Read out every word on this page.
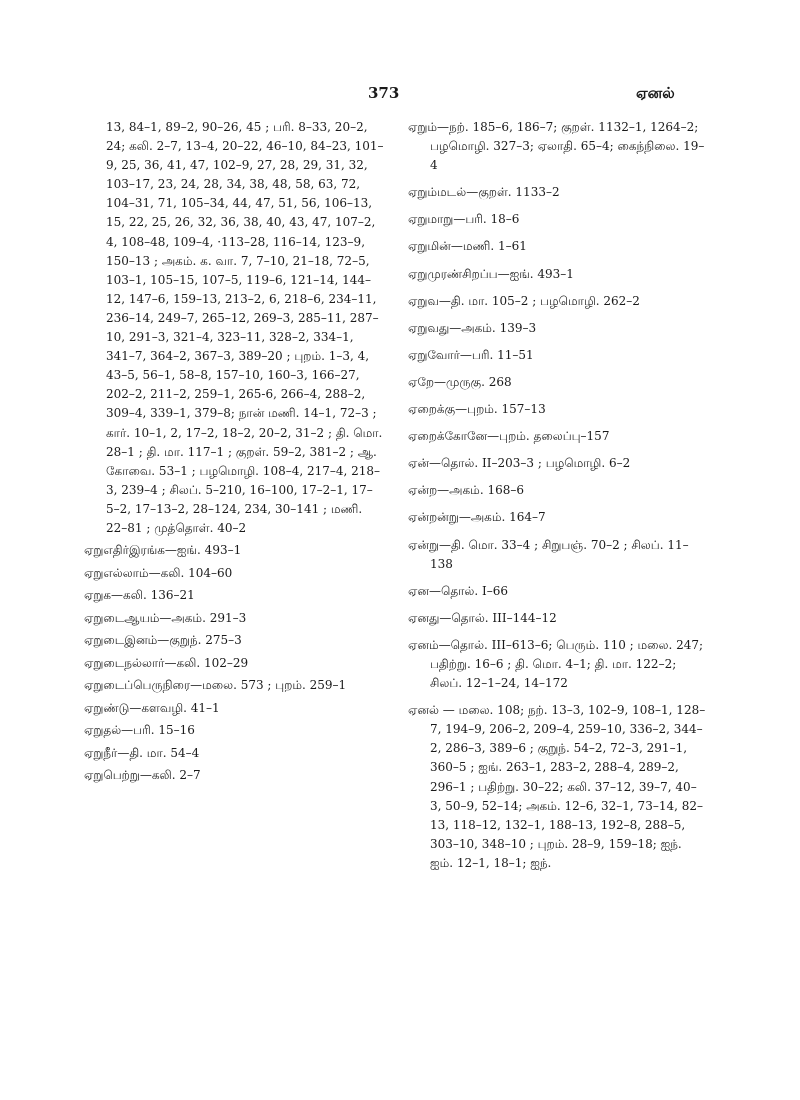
373	ஏனல்

13, 84–1, 89–2, 90–26, 45 ; பரி. 8–33, 20–2, 24; கலி. 2–7, 13–4, 20–22, 46–10, 84–23, 101–9, 25, 36, 41, 47, 102–9, 27, 28, 29, 31, 32, 103–17, 23, 24, 28, 34, 38, 48, 58, 63, 72, 104–31, 71, 105–34, 44, 47, 51, 56, 106–13, 15, 22, 25, 26, 32, 36, 38, 40, 43, 47, 107–2, 4, 108–48, 109–4, ·113–28, 116–14, 123–9, 150–13 ; அகம். க. வா. 7, 7–10, 21–18, 72–5, 103–1, 105–15, 107–5, 119–6, 121–14, 144–12, 147–6, 159–13, 213–2, 6, 218–6, 234–11, 236–14, 249–7, 265–12, 269–3, 285–11, 287–10, 291–3, 321–4, 323–11, 328–2, 334–1, 341–7, 364–2, 367–3, 389–20 ; புறம். 1–3, 4, 43–5, 56–1, 58–8, 157–10, 160–3, 166–27, 202–2, 211–2, 259–1, 265-6, 266–4, 288–2, 309–4, 339–1, 379–8; நான் மணி. 14–1, 72–3 ; கார். 10–1, 2, 17–2, 18–2, 20–2, 31–2 ; தி. மொ. 28–1 ; தி. மா. 117–1 ; குறள். 59–2, 381–2 ; ஆ. கோவை. 53–1 ; பழமொழி. 108–4, 217–4, 218–3, 239–4 ; சிலப். 5–210, 16–100, 17–2–1, 17–5–2, 17–13–2, 28–124, 234, 30–141 ; மணி. 22–81 ; முத்தொள். 40–2

ஏறுஎதிர்இரங்க—ஐங். 493–1

ஏறுஎல்லாம்—கலி. 104–60

ஏறுக—கலி. 136–21

ஏறுடைஆயம்—அகம். 291–3

ஏறுடைஇனம்—குறுந். 275–3

ஏறுடைநல்லார்—கலி. 102–29

ஏறுடைப்பெருநிரை—மலை. 573 ; புறம். 259–1

ஏறுண்டு—களவழி. 41–1

ஏறுதல்—பரி. 15–16

ஏறுநீர்—தி. மா. 54–4

ஏறுபெற்று—கலி. 2–7

ஏறும்—நற். 185–6, 186–7; குறள். 1132–1, 1264–2; பழமொழி. 327–3; ஏலாதி. 65–4; கைந்நிலை. 19–4

ஏறும்மடல்—குறள். 1133–2

ஏறுமாறு—பரி. 18–6

ஏறுமின்—மணி. 1–61

ஏறுமுரண்சிறப்ப—ஐங். 493–1

ஏறுவ—தி. மா. 105–2 ; பழமொழி. 262–2

ஏறுவது—அகம். 139–3

ஏறுவோர்—பரி. 11–51

ஏறே—முருகு. 268

ஏறைக்கு—புறம். 157–13

ஏறைக்கோனே—புறம். தலைப்பு–157

ஏன்—தொல். II–203–3 ; பழமொழி. 6–2

ஏன்ற—அகம். 168–6

ஏன்றன்று—அகம். 164–7

ஏன்று—தி. மொ. 33–4 ; சிறுபஞ். 70–2 ; சிலப். 11–138

ஏன—தொல். I–66

ஏனது—தொல். III–144–12

ஏனம்—தொல். III–613–6; பெரும். 110 ; மலை. 247; பதிற்று. 16–6 ; தி. மொ. 4–1; தி. மா. 122–2; சிலப். 12–1–24, 14–172

ஏனல் — மலை. 108; நற். 13–3, 102–9, 108–1, 128–7, 194–9, 206–2, 209–4, 259–10, 336–2, 344–2, 286–3, 389–6 ; குறுந். 54–2, 72–3, 291–1, 360–5 ; ஐங். 263–1, 283–2, 288–4, 289–2, 296–1 ; பதிற்று. 30–22; கலி. 37–12, 39–7, 40–3, 50–9, 52–14; அகம். 12–6, 32–1, 73–14, 82–13, 118–12, 132–1, 188–13, 192–8, 288–5, 303–10, 348–10 ; புறம். 28–9, 159–18; ஐந். ஐம். 12–1, 18–1; ஐந்.
